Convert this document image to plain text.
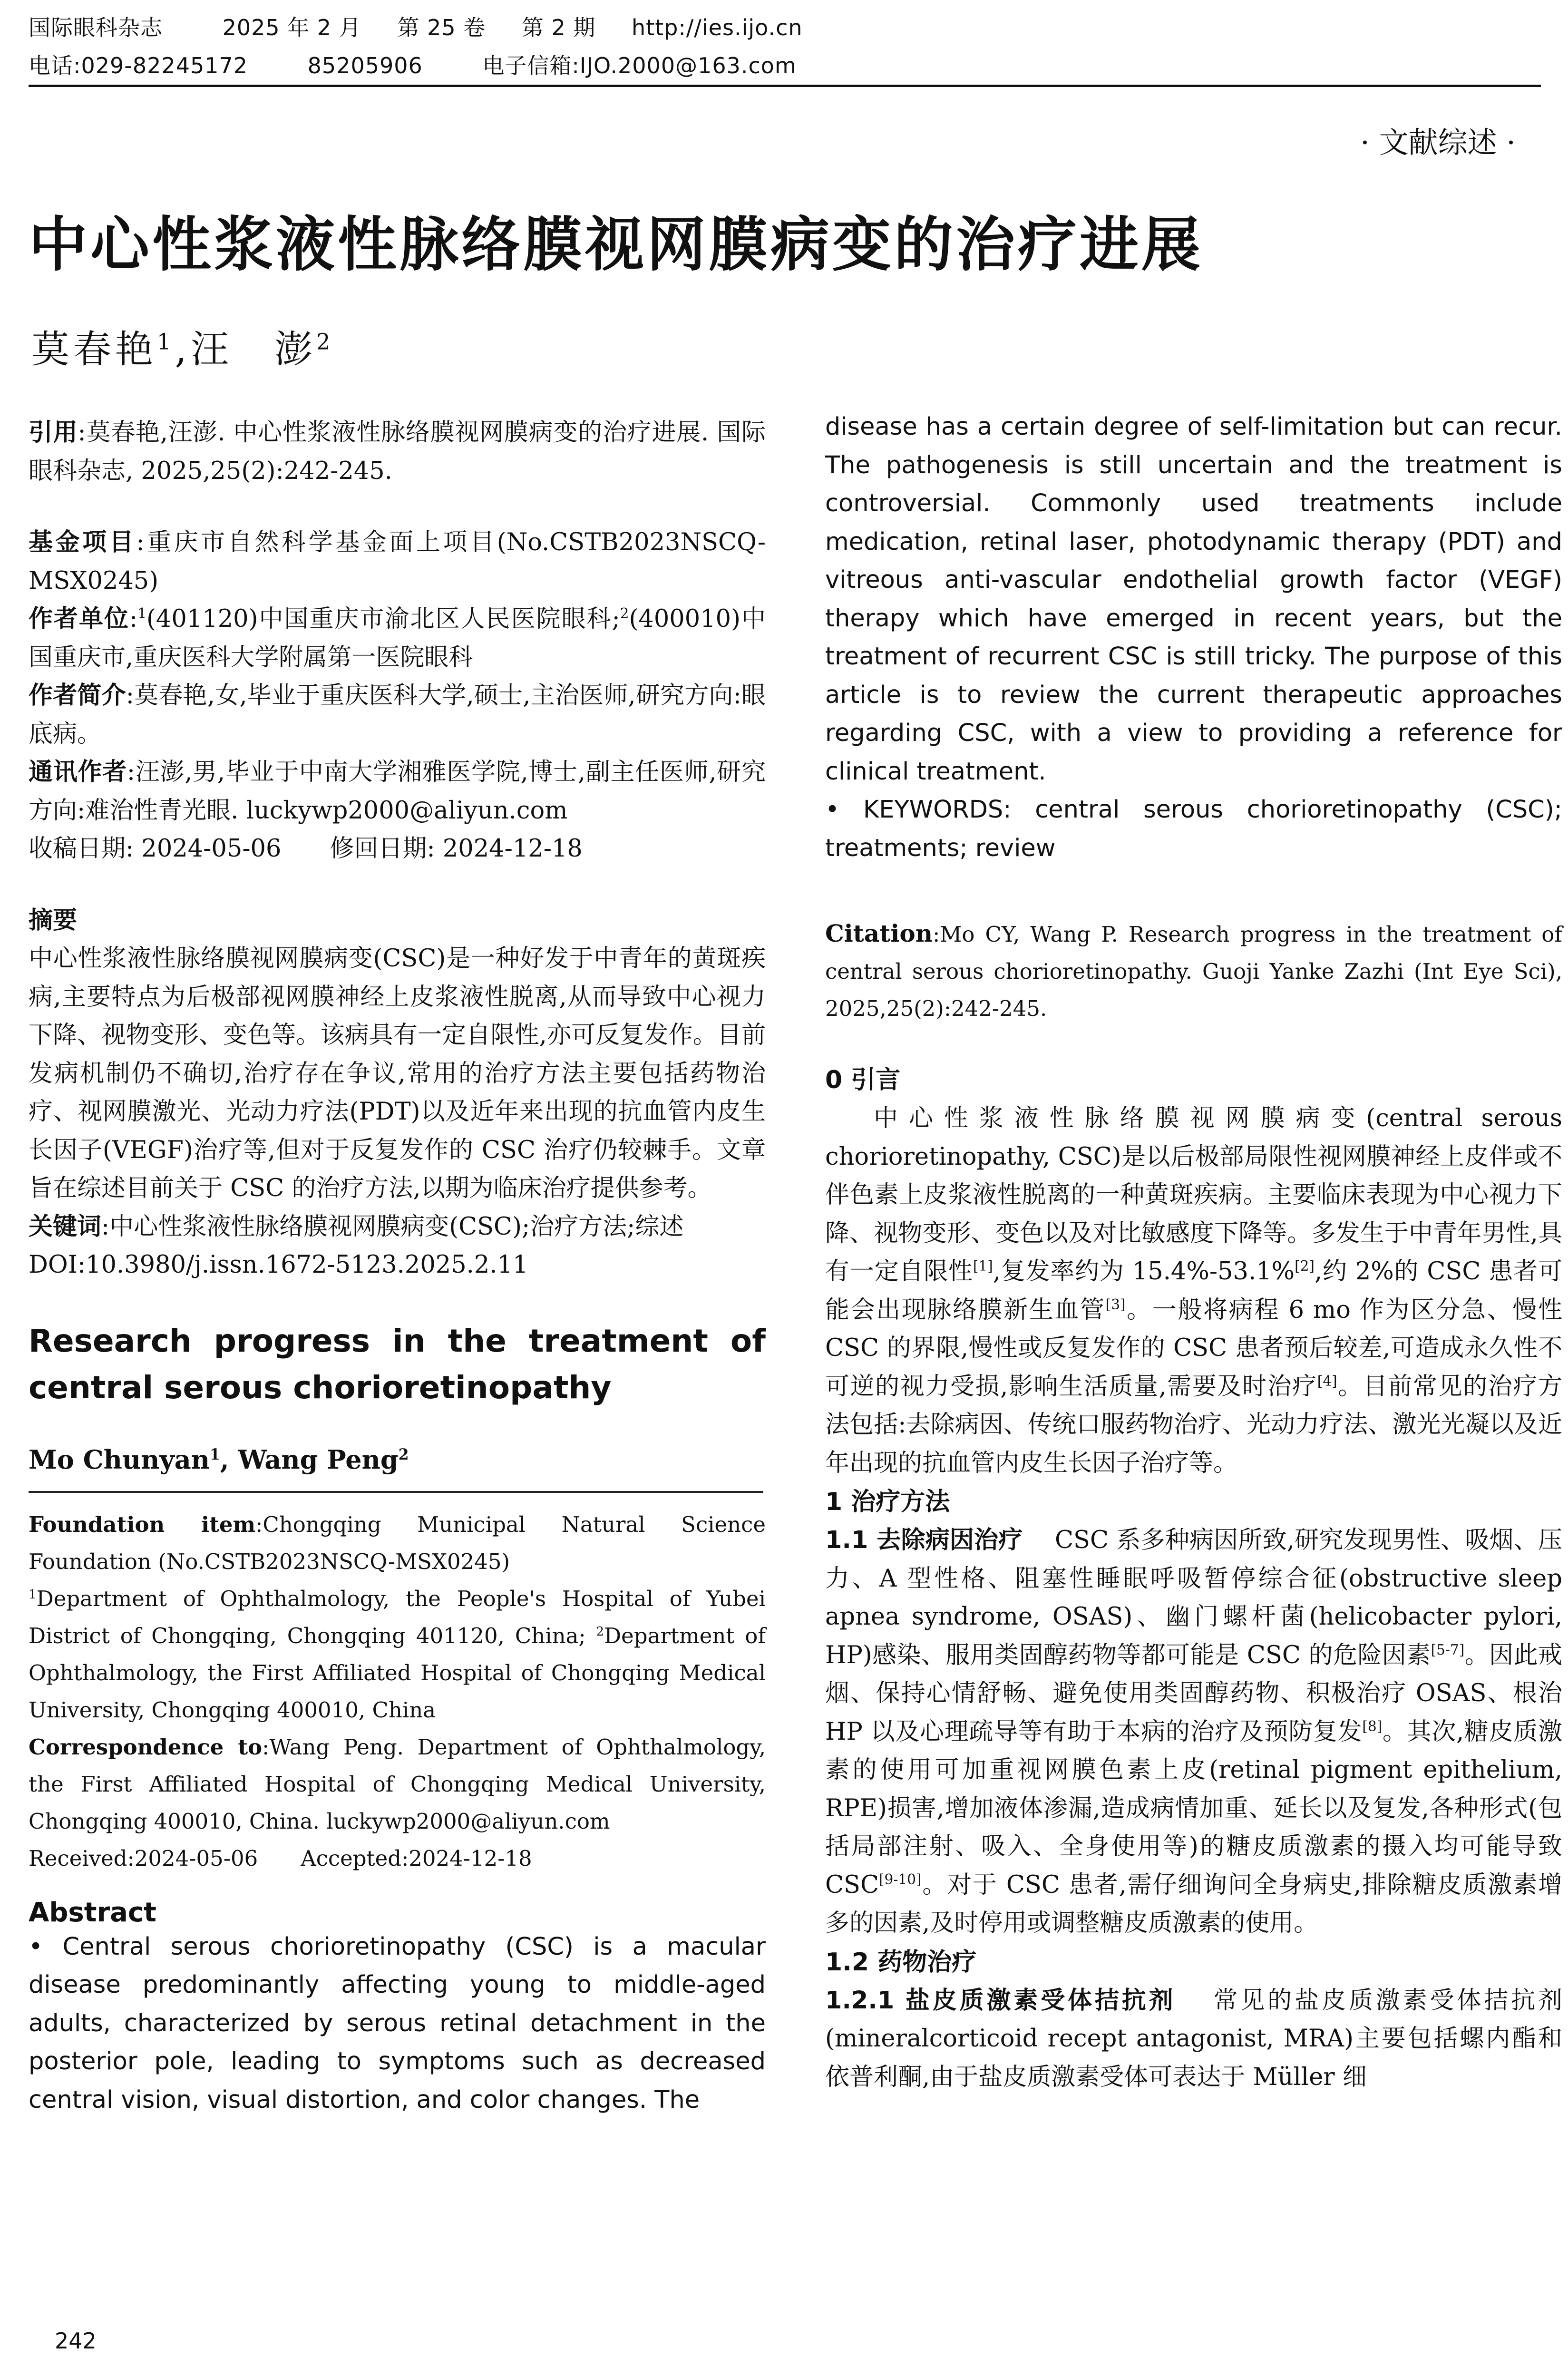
国际眼科杂志	2025 年 2 月 第 25 卷 第 2 期 http://ies.ijo.cn
电话:029-82245172	85205906	电子信箱:IJO.2000@163.com
· 文献综述 ·
中心性浆液性脉络膜视网膜病变的治疗进展
莫春艳$^1$,汪　澎$^2$

引用:莫春艳,汪澎. 中心性浆液性脉络膜视网膜病变的治疗进展. 国际眼科杂志, 2025,25(2):242-245.

基金项目:重庆市自然科学基金面上项目(No.CSTB2023NSCQ-MSX0245)

作者单位:$^1$(401120)中国重庆市渝北区人民医院眼科;$^2$(400010)中国重庆市,重庆医科大学附属第一医院眼科

作者简介:莫春艳,女,毕业于重庆医科大学,硕士,主治医师,研究方向:眼底病。

通讯作者:汪澎,男,毕业于中南大学湘雅医学院,博士,副主任医师,研究方向:难治性青光眼. luckywp2000@aliyun.com

收稿日期: 2024-05-06　　修回日期: 2024-12-18

摘要

中心性浆液性脉络膜视网膜病变(CSC)是一种好发于中青年的黄斑疾病,主要特点为后极部视网膜神经上皮浆液性脱离,从而导致中心视力下降、视物变形、变色等。该病具有一定自限性,亦可反复发作。目前发病机制仍不确切,治疗存在争议,常用的治疗方法主要包括药物治疗、视网膜激光、光动力疗法(PDT)以及近年来出现的抗血管内皮生长因子(VEGF)治疗等,但对于反复发作的 CSC 治疗仍较棘手。文章旨在综述目前关于 CSC 的治疗方法,以期为临床治疗提供参考。

关键词:中心性浆液性脉络膜视网膜病变(CSC);治疗方法;综述

DOI:10.3980/j.issn.1672-5123.2025.2.11

Research progress in the treatment of central serous chorioretinopathy

Mo Chunyan$^1$, Wang Peng$^2$

Foundation item:Chongqing Municipal Natural Science Foundation (No.CSTB2023NSCQ-MSX0245)

$^1$Department of Ophthalmology, the People's Hospital of Yubei District of Chongqing, Chongqing 401120, China; $^2$Department of Ophthalmology, the First Affiliated Hospital of Chongqing Medical University, Chongqing 400010, China

Correspondence to:Wang Peng. Department of Ophthalmology, the First Affiliated Hospital of Chongqing Medical University, Chongqing 400010, China. luckywp2000@aliyun.com

Received:2024-05-06　　Accepted:2024-12-18

Abstract

• Central serous chorioretinopathy (CSC) is a macular disease predominantly affecting young to middle-aged adults, characterized by serous retinal detachment in the posterior pole, leading to symptoms such as decreased central vision, visual distortion, and color changes. The

disease has a certain degree of self-limitation but can recur. The pathogenesis is still uncertain and the treatment is controversial. Commonly used treatments include medication, retinal laser, photodynamic therapy (PDT) and vitreous anti-vascular endothelial growth factor (VEGF) therapy which have emerged in recent years, but the treatment of recurrent CSC is still tricky. The purpose of this article is to review the current therapeutic approaches regarding CSC, with a view to providing a reference for clinical treatment.

• KEYWORDS: central serous chorioretinopathy (CSC); treatments; review

Citation:Mo CY, Wang P. Research progress in the treatment of central serous chorioretinopathy. Guoji Yanke Zazhi (Int Eye Sci), 2025,25(2):242-245.

0 引言

中心性浆液性脉络膜视网膜病变(central serous chorioretinopathy, CSC)是以后极部局限性视网膜神经上皮伴或不伴色素上皮浆液性脱离的一种黄斑疾病。主要临床表现为中心视力下降、视物变形、变色以及对比敏感度下降等。多发生于中青年男性,具有一定自限性[1],复发率约为 15.4%-53.1%[2],约 2%的 CSC 患者可能会出现脉络膜新生血管[3]。一般将病程 6 mo 作为区分急、慢性 CSC 的界限,慢性或反复发作的 CSC 患者预后较差,可造成永久性不可逆的视力受损,影响生活质量,需要及时治疗[4]。目前常见的治疗方法包括:去除病因、传统口服药物治疗、光动力疗法、激光光凝以及近年出现的抗血管内皮生长因子治疗等。

1 治疗方法

1.1 去除病因治疗　 CSC 系多种病因所致,研究发现男性、吸烟、压力、A 型性格、阻塞性睡眠呼吸暂停综合征(obstructive sleep apnea syndrome, OSAS)、幽门螺杆菌(helicobacter pylori, HP)感染、服用类固醇药物等都可能是 CSC 的危险因素[5-7]。因此戒烟、保持心情舒畅、避免使用类固醇药物、积极治疗 OSAS、根治 HP 以及心理疏导等有助于本病的治疗及预防复发[8]。其次,糖皮质激素的使用可加重视网膜色素上皮(retinal pigment epithelium, RPE)损害,增加液体渗漏,造成病情加重、延长以及复发,各种形式(包括局部注射、吸入、全身使用等)的糖皮质激素的摄入均可能导致 CSC[9-10]。对于 CSC 患者,需仔细询问全身病史,排除糖皮质激素增多的因素,及时停用或调整糖皮质激素的使用。

1.2 药物治疗

1.2.1 盐皮质激素受体拮抗剂　 常见的盐皮质激素受体拮抗剂(mineralcorticoid recept antagonist, MRA)主要包括螺内酯和依普利酮,由于盐皮质激素受体可表达于 Müller 细

242
